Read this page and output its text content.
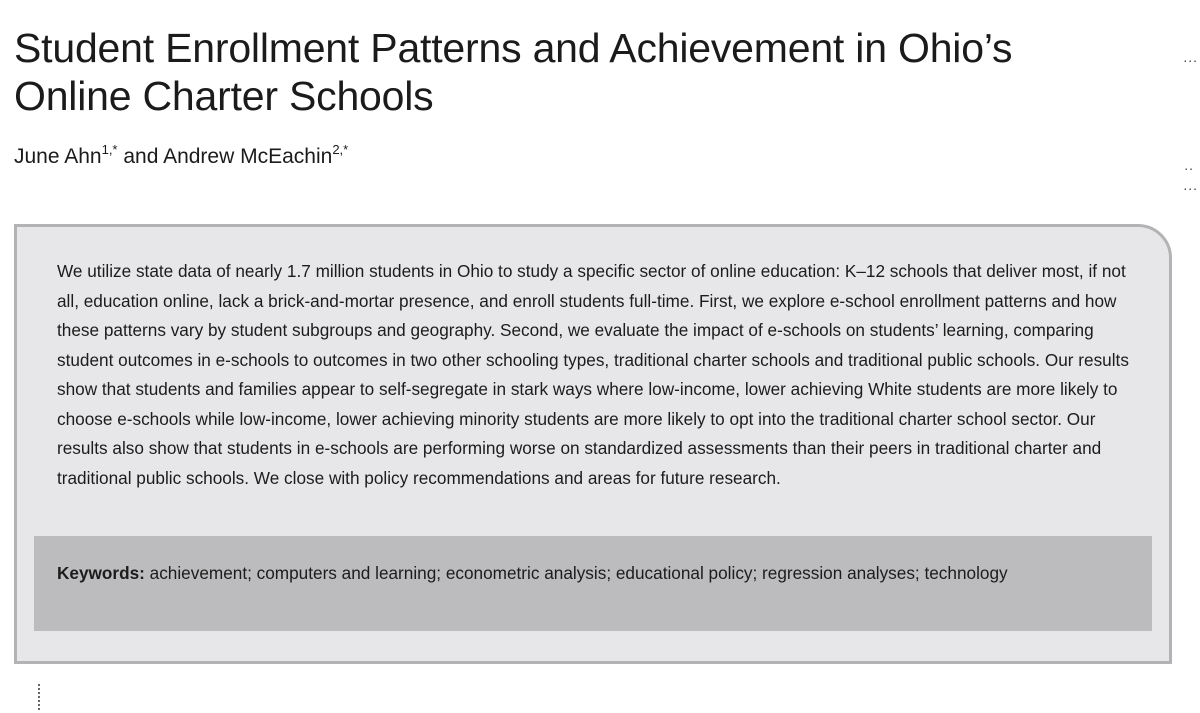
Student Enrollment Patterns and Achievement in Ohio’s Online Charter Schools
June Ahn$^{1,*}$ and Andrew McEachin$^{2,*}$
...
..
...

We utilize state data of nearly 1.7 million students in Ohio to study a specific sector of online education: K–12 schools that deliver most, if not all, education online, lack a brick-and-mortar presence, and enroll students full-time. First, we explore e-school enrollment patterns and how these patterns vary by student subgroups and geography. Second, we evaluate the impact of e-schools on students’ learning, comparing student outcomes in e-schools to outcomes in two other schooling types, traditional charter schools and traditional public schools. Our results show that students and families appear to self-segregate in stark ways where low-income, lower achieving White students are more likely to choose e-schools while low-income, lower achieving minority students are more likely to opt into the traditional charter school sector. Our results also show that students in e-schools are performing worse on standardized assessments than their peers in traditional charter and traditional public schools. We close with policy recommendations and areas for future research.

Keywords: achievement; computers and learning; econometric analysis; educational policy; regression analyses; technology
